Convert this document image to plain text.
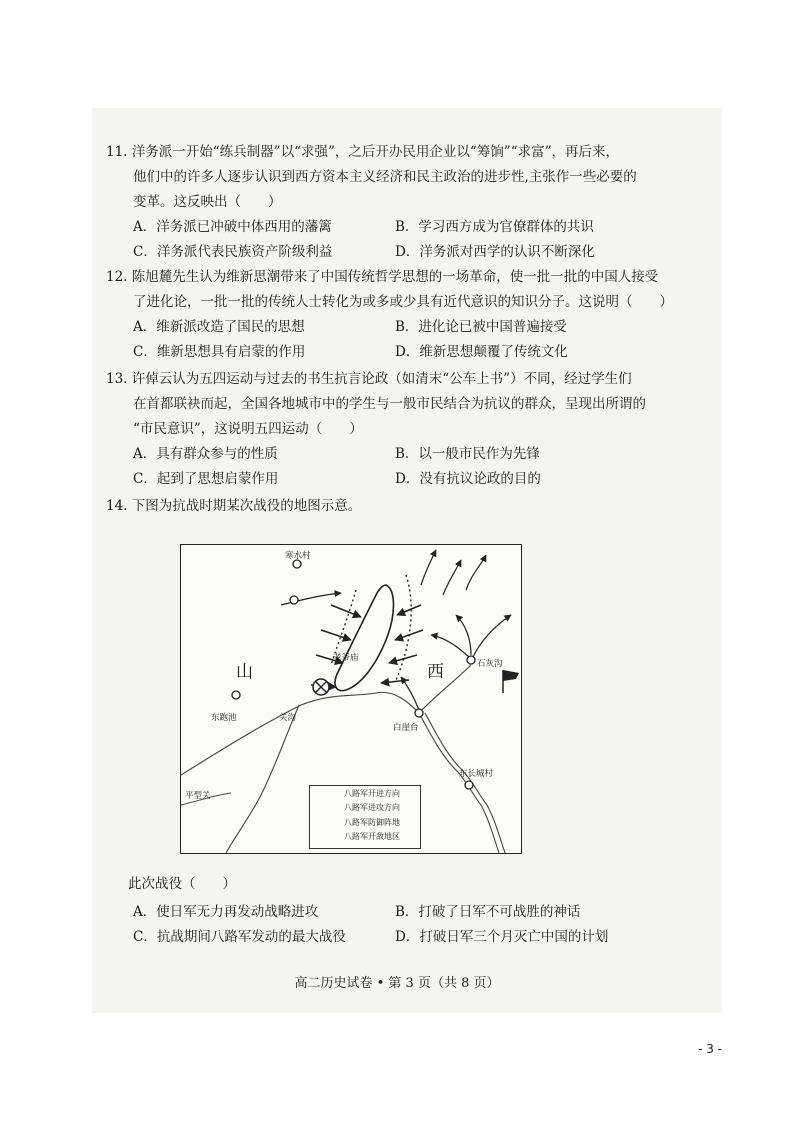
11. 洋务派一开始“练兵制器”以“求强”，之后开办民用企业以“筹饷”“求富”，再后来，
他们中的许多人逐步认识到西方资本主义经济和民主政治的进步性,主张作一些必要的
变革。这反映出（　　）
A．洋务派已冲破中体西用的藩篱	B．学习西方成为官僚群体的共识
C．洋务派代表民族资产阶级利益	D．洋务派对西学的认识不断深化
12. 陈旭麓先生认为维新思潮带来了中国传统哲学思想的一场革命，使一批一批的中国人接受
了进化论，一批一批的传统人士转化为或多或少具有近代意识的知识分子。这说明（　　）
A．维新派改造了国民的思想	B．进化论已被中国普遍接受
C．维新思想具有启蒙的作用	D．维新思想颠覆了传统文化
13. 许倬云认为五四运动与过去的书生抗言论政（如清末“公车上书”）不同，经过学生们
在首都联袂而起，全国各地城市中的学生与一般市民结合为抗议的群众，呈现出所谓的
“市民意识”，这说明五四运动（　　）
A．具有群众参与的性质	B．以一般市民作为先锋
C．起到了思想启蒙作用	D．没有抗议论政的目的
14. 下图为抗战时期某次战役的地图示意。
寒水村
老爷庙
石灰沟
东跑池	关沟
白崖台
东长城村
平型关
山	西
八路军开进方向
八路军进攻方向
八路军防御阵地
八路军开敌地区
此次战役（　　）
A．使日军无力再发动战略进攻	B．打破了日军不可战胜的神话
C．抗战期间八路军发动的最大战役	D．打破日军三个月灭亡中国的计划
高二历史试卷 • 第 3 页（共 8 页）
- 3 -
